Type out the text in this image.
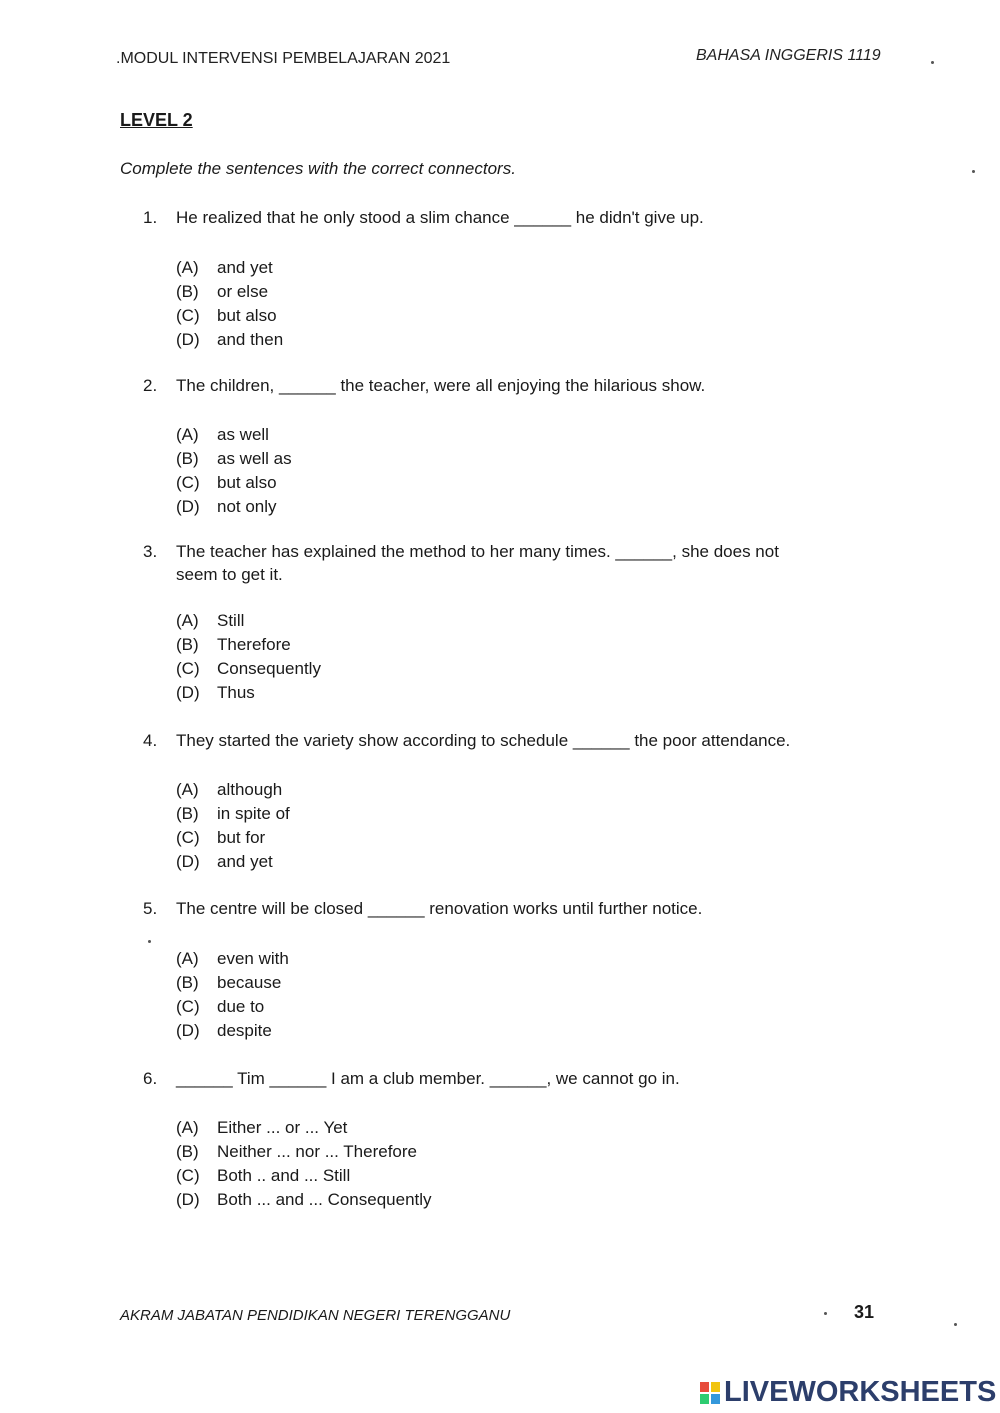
.MODUL INTERVENSI PEMBELAJARAN 2021	BAHASA INGGERIS 1119
LEVEL 2
Complete the sentences with the correct connectors.
1. He realized that he only stood a slim chance ______ he didn't give up.
(A) and yet
(B) or else
(C) but also
(D) and then
2. The children, ______ the teacher, were all enjoying the hilarious show.
(A) as well
(B) as well as
(C) but also
(D) not only
3. The teacher has explained the method to her many times. ______, she does not
seem to get it.
(A) Still
(B) Therefore
(C) Consequently
(D) Thus
4. They started the variety show according to schedule ______ the poor attendance.
(A) although
(B) in spite of
(C) but for
(D) and yet
5. The centre will be closed ______ renovation works until further notice.
(A) even with
(B) because
(C) due to
(D) despite
6. ______ Tim ______ I am a club member. ______, we cannot go in.
(A) Either ... or ... Yet
(B) Neither ... nor ... Therefore
(C) Both .. and ... Still
(D) Both ... and ... Consequently
AKRAM JABATAN PENDIDIKAN NEGERI TERENGGANU	31
LIVEWORKSHEETS
